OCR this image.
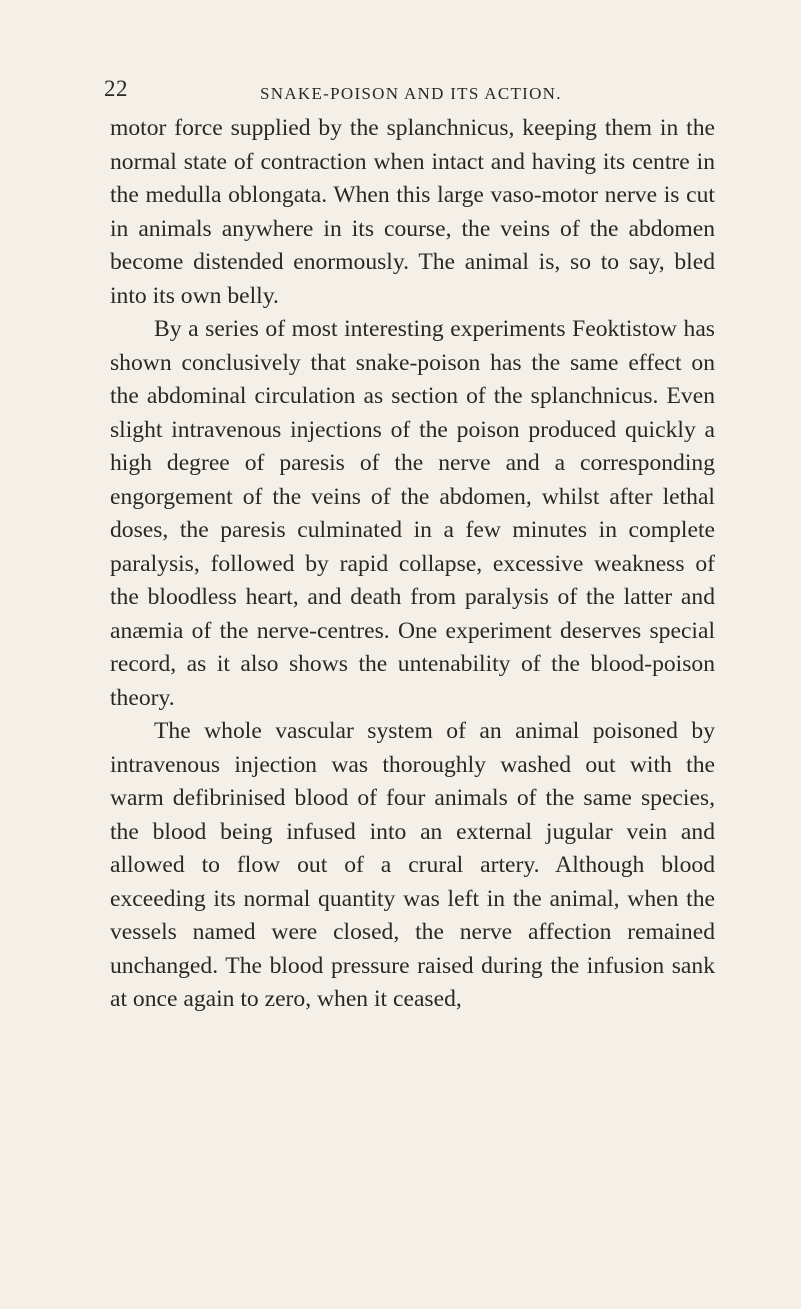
22	SNAKE-POISON AND ITS ACTION.

motor force supplied by the splanchnicus, keeping them in the normal state of contraction when intact and having its centre in the medulla oblongata. When this large vaso-motor nerve is cut in animals anywhere in its course, the veins of the abdomen become distended enormously. The animal is, so to say, bled into its own belly.

By a series of most interesting experiments Feoktistow has shown conclusively that snake-poison has the same effect on the abdominal circulation as section of the splanchnicus. Even slight intravenous injections of the poison produced quickly a high degree of paresis of the nerve and a corresponding engorgement of the veins of the abdomen, whilst after lethal doses, the paresis culminated in a few minutes in complete paralysis, followed by rapid collapse, excessive weakness of the bloodless heart, and death from paralysis of the latter and anæmia of the nerve-centres. One experiment deserves special record, as it also shows the untenability of the blood-poison theory.

The whole vascular system of an animal poisoned by intravenous injection was thoroughly washed out with the warm defibrinised blood of four animals of the same species, the blood being infused into an external jugular vein and allowed to flow out of a crural artery. Although blood exceeding its normal quantity was left in the animal, when the vessels named were closed, the nerve affection remained unchanged. The blood pressure raised during the infusion sank at once again to zero, when it ceased,
